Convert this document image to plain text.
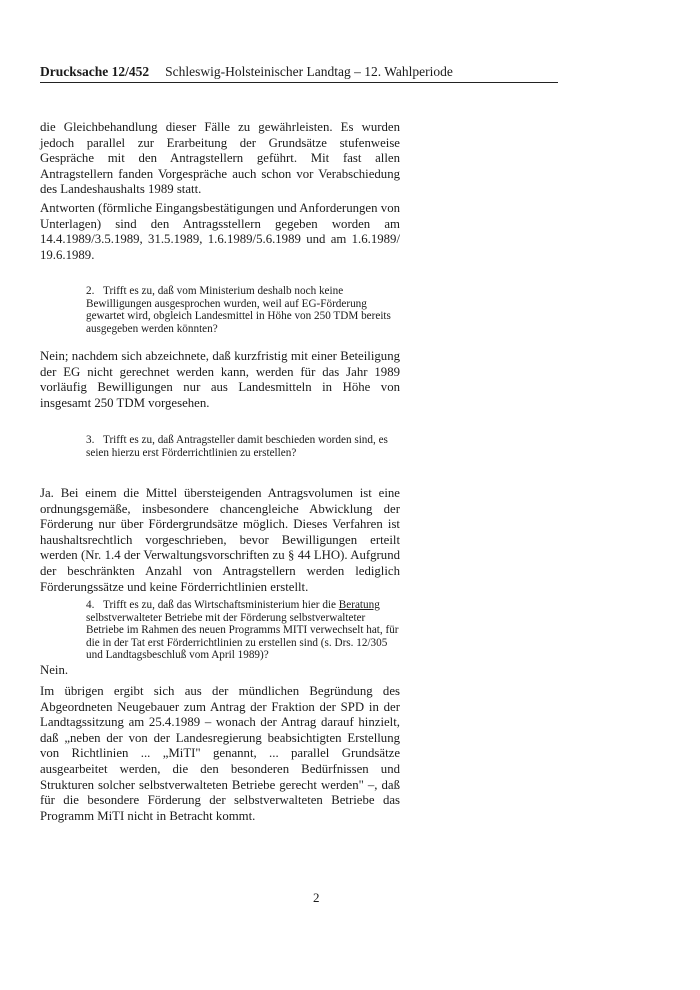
Drucksache 12/452 Schleswig-Holsteinischer Landtag – 12. Wahlperiode

die Gleichbehandlung dieser Fälle zu gewährleisten. Es wurden jedoch parallel zur Erarbeitung der Grundsätze stufenweise Gespräche mit den Antragstellern geführt. Mit fast allen Antragstellern fanden Vorgespräche auch schon vor Verabschiedung des Landeshaushalts 1989 statt.

Antworten (förmliche Eingangsbestätigungen und Anforderungen von Unterlagen) sind den Antragsstellern gegeben worden am 14.4.1989/3.5.1989, 31.5.1989, 1.6.1989/5.6.1989 und am 1.6.1989/ 19.6.1989.

2. Trifft es zu, daß vom Ministerium deshalb noch keine Bewilligungen ausgesprochen wurden, weil auf EG-Förderung gewartet wird, obgleich Landesmittel in Höhe von 250 TDM bereits ausgegeben werden könnten?

Nein; nachdem sich abzeichnete, daß kurzfristig mit einer Beteiligung der EG nicht gerechnet werden kann, werden für das Jahr 1989 vorläufig Bewilligungen nur aus Landesmitteln in Höhe von insgesamt 250 TDM vorgesehen.

3. Trifft es zu, daß Antragsteller damit beschieden worden sind, es seien hierzu erst Förderrichtlinien zu erstellen?

Ja. Bei einem die Mittel übersteigenden Antragsvolumen ist eine ordnungsgemäße, insbesondere chancengleiche Abwicklung der Förderung nur über Fördergrundsätze möglich. Dieses Verfahren ist haushaltsrechtlich vorgeschrieben, bevor Bewilligungen erteilt werden (Nr. 1.4 der Verwaltungsvorschriften zu § 44 LHO). Aufgrund der beschränkten Anzahl von Antragstellern werden lediglich Förderungssätze und keine Förderrichtlinien erstellt.

4. Trifft es zu, daß das Wirtschaftsministerium hier die Beratung selbstverwalteter Betriebe mit der Förderung selbstverwalteter Betriebe im Rahmen des neuen Programms MITI verwechselt hat, für die in der Tat erst Förderrichtlinien zu erstellen sind (s. Drs. 12/305 und Landtagsbeschluß vom April 1989)?

Nein.

Im übrigen ergibt sich aus der mündlichen Begründung des Abgeordneten Neugebauer zum Antrag der Fraktion der SPD in der Landtagssitzung am 25.4.1989 – wonach der Antrag darauf hinzielt, daß „neben der von der Landesregierung beabsichtigten Erstellung von Richtlinien ... „MiTI" genannt, ... parallel Grundsätze ausgearbeitet werden, die den besonderen Bedürfnissen und Strukturen solcher selbstverwalteten Betriebe gerecht werden" –, daß für die besondere Förderung der selbstverwalteten Betriebe das Programm MiTI nicht in Betracht kommt.

2
